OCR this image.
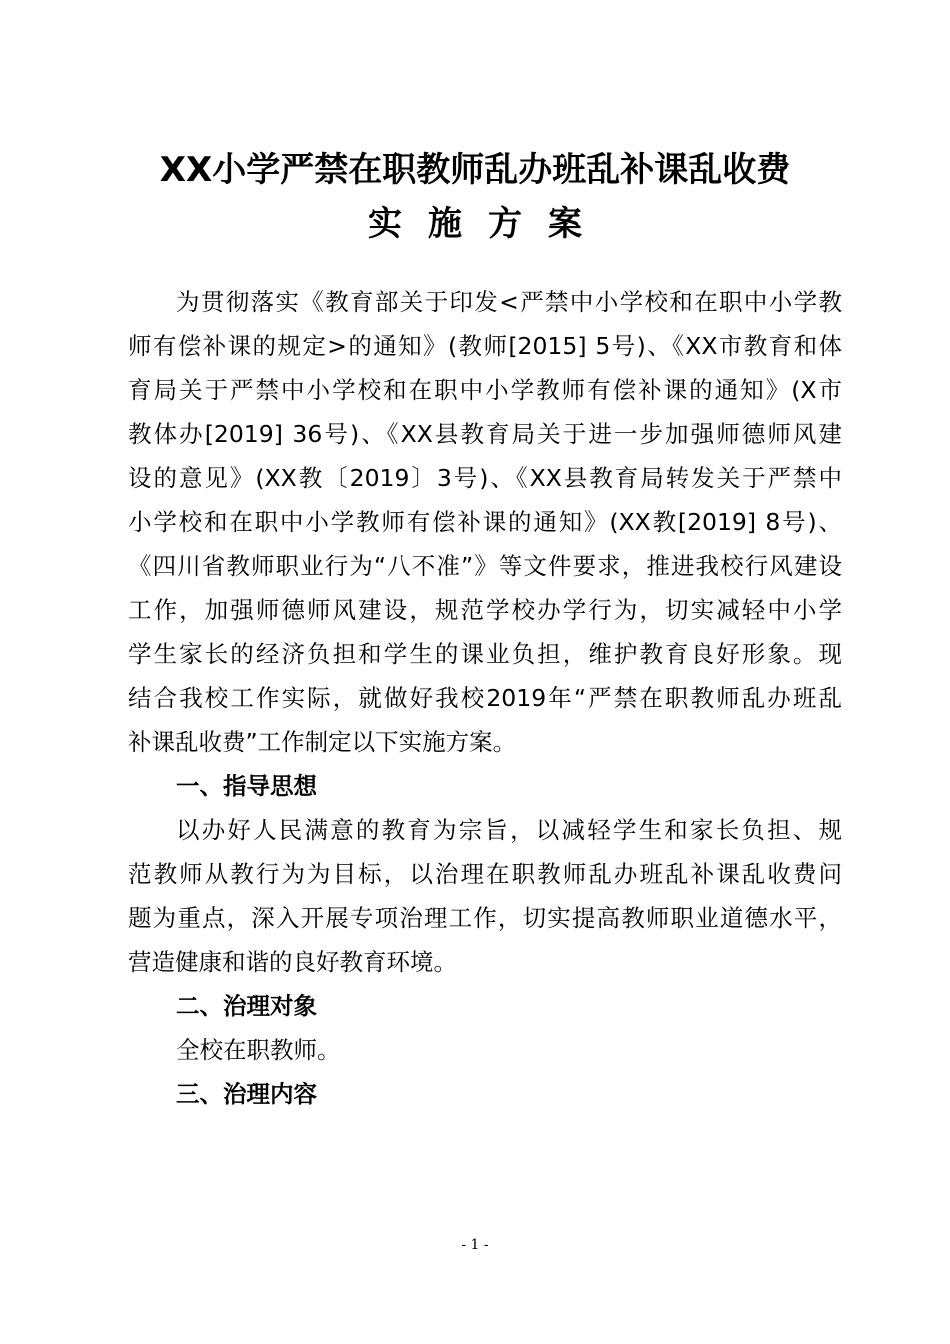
XX小学严禁在职教师乱办班乱补课乱收费
实施方案
为贯彻落实《教育部关于印发<严禁中小学校和在职中小学教
师有偿补课的规定>的通知》(教师[2015] 5号)、《XX市教育和体
育局关于严禁中小学校和在职中小学教师有偿补课的通知》(X市
教体办[2019] 36号)、《XX县教育局关于进一步加强师德师风建
设的意见》(XX教〔2019〕3号)、《XX县教育局转发关于严禁中
小学校和在职中小学教师有偿补课的通知》(XX教[2019] 8号)、
《四川省教师职业行为“八不准”》等文件要求，推进我校行风建设
工作，加强师德师风建设，规范学校办学行为，切实减轻中小学
学生家长的经济负担和学生的课业负担，维护教育良好形象。现
结合我校工作实际，就做好我校2019年“严禁在职教师乱办班乱
补课乱收费”工作制定以下实施方案。
一、指导思想
以办好人民满意的教育为宗旨，以减轻学生和家长负担、规
范教师从教行为为目标，以治理在职教师乱办班乱补课乱收费问
题为重点，深入开展专项治理工作，切实提高教师职业道德水平，
营造健康和谐的良好教育环境。
二、治理对象
全校在职教师。
三、治理内容
- 1 -
